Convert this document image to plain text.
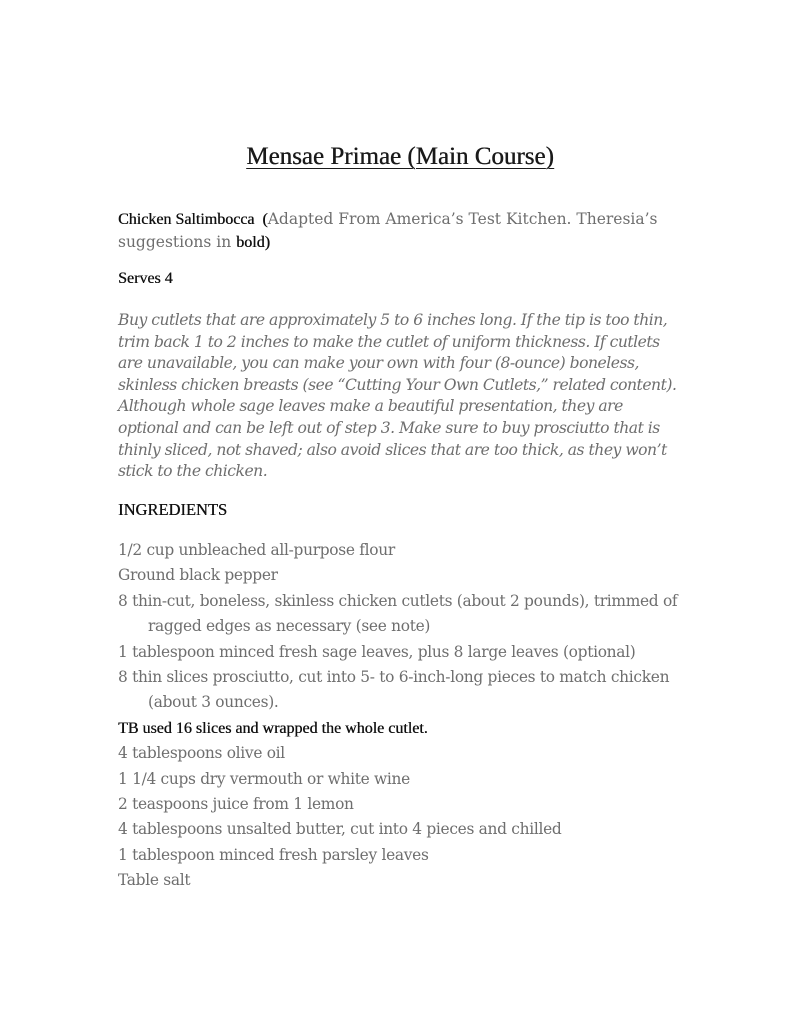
Mensae Primae (Main Course)
Chicken Saltimbocca (Adapted From America’s Test Kitchen. Theresia’s suggestions in bold)
Serves 4
Buy cutlets that are approximately 5 to 6 inches long. If the tip is too thin, trim back 1 to 2 inches to make the cutlet of uniform thickness. If cutlets are unavailable, you can make your own with four (8-ounce) boneless, skinless chicken breasts (see “Cutting Your Own Cutlets,” related content). Although whole sage leaves make a beautiful presentation, they are optional and can be left out of step 3. Make sure to buy prosciutto that is thinly sliced, not shaved; also avoid slices that are too thick, as they won’t stick to the chicken.
INGREDIENTS
1/2 cup unbleached all-purpose flour
Ground black pepper
8 thin-cut, boneless, skinless chicken cutlets (about 2 pounds), trimmed of ragged edges as necessary (see note)
1 tablespoon minced fresh sage leaves, plus 8 large leaves (optional)
8 thin slices prosciutto, cut into 5- to 6-inch-long pieces to match chicken (about 3 ounces).
TB used 16 slices and wrapped the whole cutlet.
4 tablespoons olive oil
1 1/4 cups dry vermouth or white wine
2 teaspoons juice from 1 lemon
4 tablespoons unsalted butter, cut into 4 pieces and chilled
1 tablespoon minced fresh parsley leaves
Table salt
